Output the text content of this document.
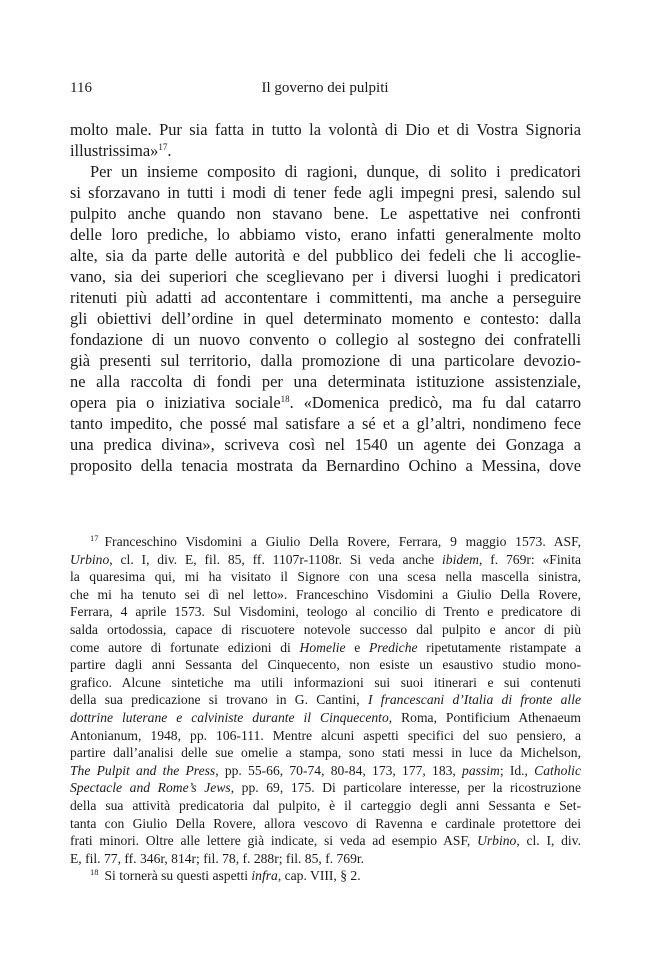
116	Il governo dei pulpiti
molto male. Pur sia fatta in tutto la volontà di Dio et di Vostra Signoria
illustrissima»$^{17}$.
Per un insieme composito di ragioni, dunque, di solito i predicatori
si sforzavano in tutti i modi di tener fede agli impegni presi, salendo sul
pulpito anche quando non stavano bene. Le aspettative nei confronti
delle loro prediche, lo abbiamo visto, erano infatti generalmente molto
alte, sia da parte delle autorità e del pubblico dei fedeli che li accoglie-
vano, sia dei superiori che sceglievano per i diversi luoghi i predicatori
ritenuti più adatti ad accontentare i committenti, ma anche a perseguire
gli obiettivi dell’ordine in quel determinato momento e contesto: dalla
fondazione di un nuovo convento o collegio al sostegno dei confratelli
già presenti sul territorio, dalla promozione di una particolare devozio-
ne alla raccolta di fondi per una determinata istituzione assistenziale,
opera pia o iniziativa sociale$^{18}$. «Domenica predicò, ma fu dal catarro
tanto impedito, che possé mal satisfare a sé et a gl’altri, nondimeno fece
una predica divina», scriveva così nel 1540 un agente dei Gonzaga a
proposito della tenacia mostrata da Bernardino Ochino a Messina, dove
$^{17}$ Franceschino Visdomini a Giulio Della Rovere, Ferrara, 9 maggio 1573. ASF,
Urbino, cl. I, div. E, fil. 85, ff. 1107r-1108r. Si veda anche ibidem, f. 769r: «Finita
la quaresima qui, mi ha visitato il Signore con una scesa nella mascella sinistra,
che mi ha tenuto sei dì nel letto». Franceschino Visdomini a Giulio Della Rovere,
Ferrara, 4 aprile 1573. Sul Visdomini, teologo al concilio di Trento e predicatore di
salda ortodossia, capace di riscuotere notevole successo dal pulpito e ancor di più
come autore di fortunate edizioni di Homelie e Prediche ripetutamente ristampate a
partire dagli anni Sessanta del Cinquecento, non esiste un esaustivo studio mono-
grafico. Alcune sintetiche ma utili informazioni sui suoi itinerari e sui contenuti
della sua predicazione si trovano in G. Cantini, I francescani d’Italia di fronte alle
dottrine luterane e calviniste durante il Cinquecento, Roma, Pontificium Athenaeum
Antonianum, 1948, pp. 106-111. Mentre alcuni aspetti specifici del suo pensiero, a
partire dall’analisi delle sue omelie a stampa, sono stati messi in luce da Michelson,
The Pulpit and the Press, pp. 55-66, 70-74, 80-84, 173, 177, 183, passim; Id., Catholic
Spectacle and Rome’s Jews, pp. 69, 175. Di particolare interesse, per la ricostruzione
della sua attività predicatoria dal pulpito, è il carteggio degli anni Sessanta e Set-
tanta con Giulio Della Rovere, allora vescovo di Ravenna e cardinale protettore dei
frati minori. Oltre alle lettere già indicate, si veda ad esempio ASF, Urbino, cl. I, div.
E, fil. 77, ff. 346r, 814r; fil. 78, f. 288r; fil. 85, f. 769r.
$^{18}$ Si tornerà su questi aspetti infra, cap. VIII, § 2.
